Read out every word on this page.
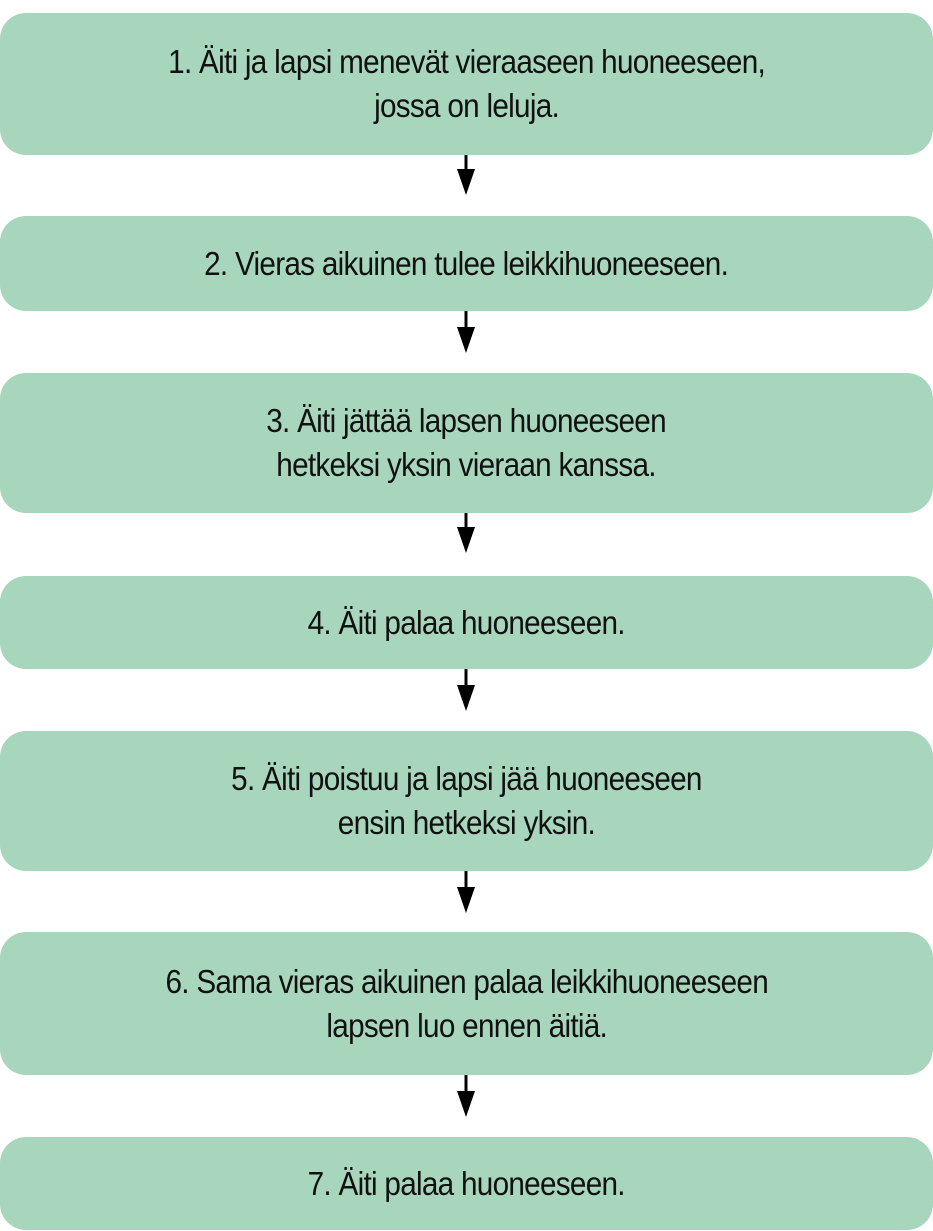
1. Äiti ja lapsi menevät vieraaseen huoneeseen,
jossa on leluja.
2. Vieras aikuinen tulee leikkihuoneeseen.
3. Äiti jättää lapsen huoneeseen
hetkeksi yksin vieraan kanssa.
4. Äiti palaa huoneeseen.
5. Äiti poistuu ja lapsi jää huoneeseen
ensin hetkeksi yksin.
6. Sama vieras aikuinen palaa leikkihuoneeseen
lapsen luo ennen äitiä.
7. Äiti palaa huoneeseen.
